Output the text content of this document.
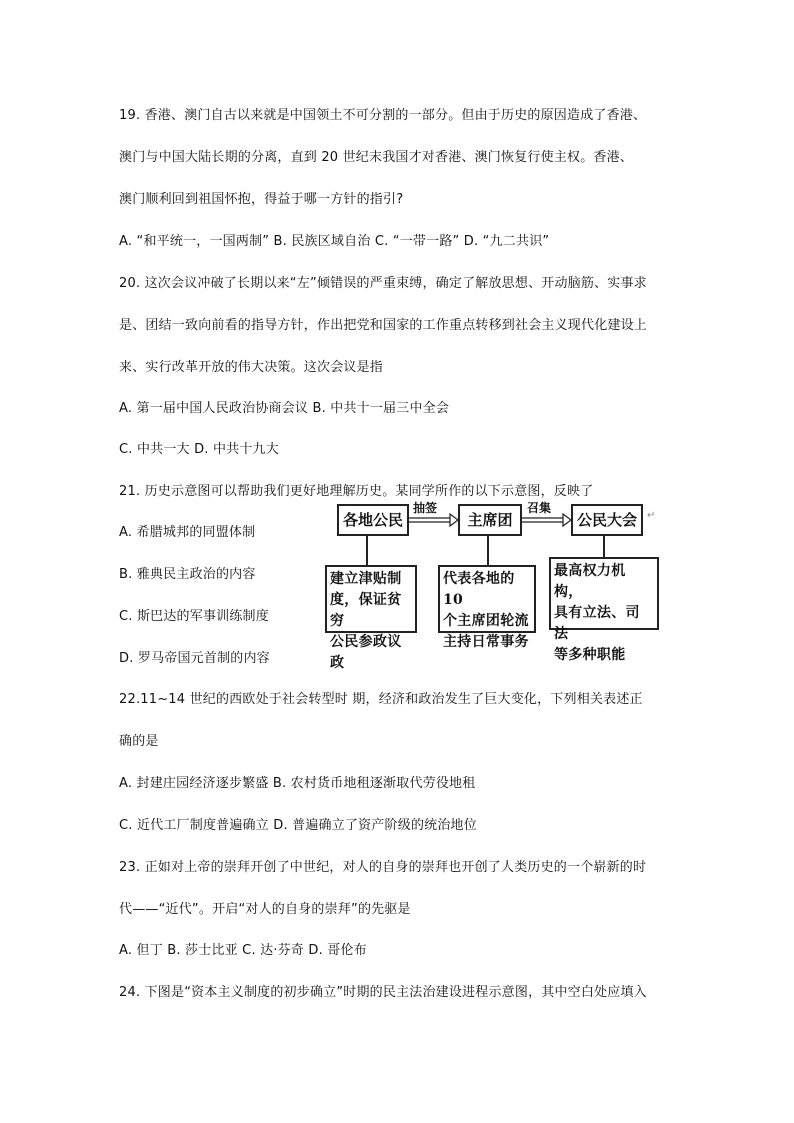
19. 香港、澳门自古以来就是中国领土不可分割的一部分。但由于历史的原因造成了香港、
澳门与中国大陆长期的分离，直到 20 世纪末我国才对香港、澳门恢复行使主权。香港、
澳门顺利回到祖国怀抱，得益于哪一方针的指引?
A. “和平统一，一国两制” B. 民族区域自治 C. “一带一路” D. “九二共识”
20. 这次会议冲破了长期以来“左”倾错误的严重束缚，确定了解放思想、开动脑筋、实事求
是、团结一致向前看的指导方针，作出把党和国家的工作重点转移到社会主义现代化建设上
来、实行改革开放的伟大决策。这次会议是指
A. 第一届中国人民政治协商会议 B. 中共十一届三中全会
C. 中共一大 D. 中共十九大
21. 历史示意图可以帮助我们更好地理解历史。某同学所作的以下示意图，反映了
A. 希腊城邦的同盟体制
B. 雅典民主政治的内容
C. 斯巴达的军事训练制度
D. 罗马帝国元首制的内容
各地公民
抽签
主席团
召集
公民大会	↵
建立津贴制
度，保证贫穷
公民参政议政
代表各地的10
个主席团轮流
主持日常事务
最高权力机构，
具有立法、司法
等多种职能
22.11~14 世纪的西欧处于社会转型时 期，经济和政治发生了巨大变化，下列相关表述正
确的是
A. 封建庄园经济逐步繁盛 B. 农村货币地租逐渐取代劳役地租
C. 近代工厂制度普遍确立 D. 普遍确立了资产阶级的统治地位
23. 正如对上帝的崇拜开创了中世纪，对人的自身的崇拜也开创了人类历史的一个崭新的时
代——“近代”。开启“对人的自身的崇拜”的先驱是
A. 但丁 B. 莎士比亚 C. 达·芬奇 D. 哥伦布
24. 下图是“资本主义制度的初步确立”时期的民主法治建设进程示意图，其中空白处应填入
